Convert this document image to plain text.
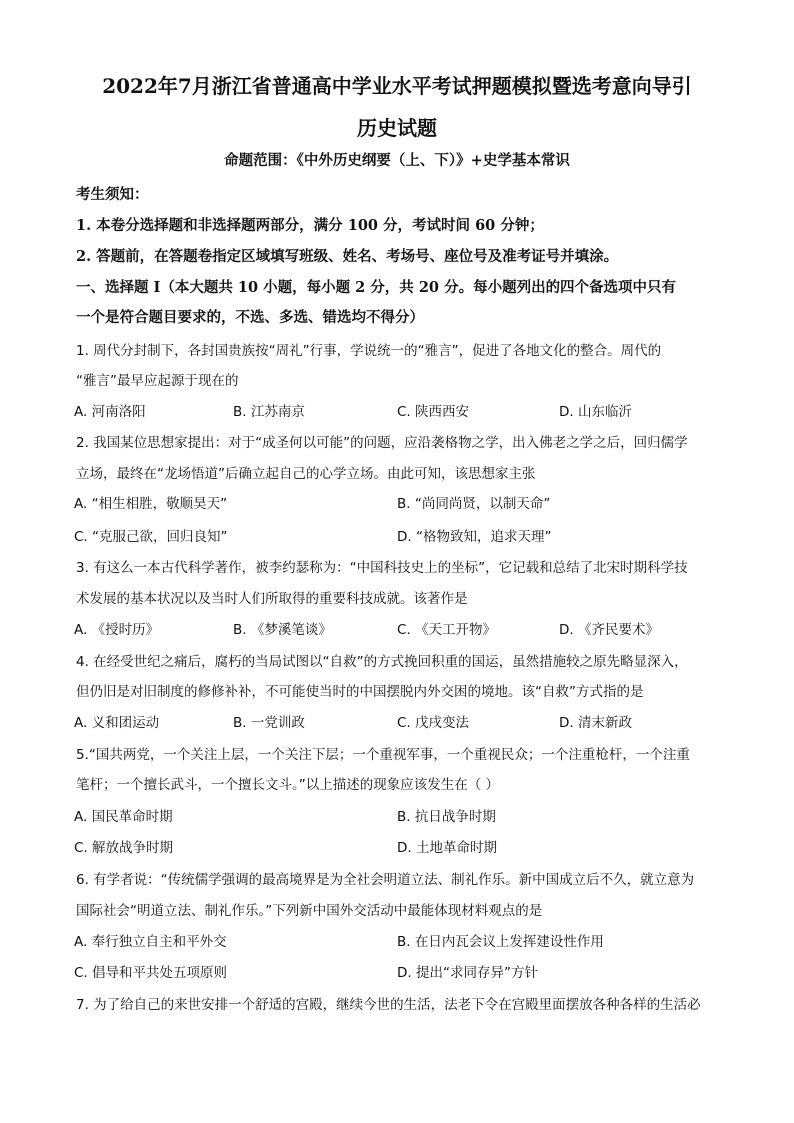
2022年7月浙江省普通高中学业水平考试押题模拟暨选考意向导引
历史试题
命题范围：《中外历史纲要（上、下）》+史学基本常识
考生须知：
1. 本卷分选择题和非选择题两部分，满分 100 分，考试时间 60 分钟；
2. 答题前，在答题卷指定区域填写班级、姓名、考场号、座位号及准考证号并填涂。
一、选择题 I（本大题共 10 小题，每小题 2 分，共 20 分。每小题列出的四个备选项中只有
一个是符合题目要求的，不选、多选、错选均不得分）
1. 周代分封制下，各封国贵族按“周礼”行事，学说统一的“雅言”，促进了各地文化的整合。周代的
“雅言”最早应起源于现在的
A. 河南洛阳	B. 江苏南京	C. 陕西西安	D. 山东临沂
2. 我国某位思想家提出：对于“成圣何以可能”的问题，应沿袭格物之学，出入佛老之学之后，回归儒学
立场，最终在“龙场悟道”后确立起自己的心学立场。由此可知，该思想家主张
A. “相生相胜，敬顺昊天”	B. “尚同尚贤，以制天命”
C. “克服己欲，回归良知”	D. “格物致知，追求天理”
3. 有这么一本古代科学著作，被李约瑟称为：“中国科技史上的坐标”，它记载和总结了北宋时期科学技
术发展的基本状况以及当时人们所取得的重要科技成就。该著作是
A. 《授时历》	B. 《梦溪笔谈》	C. 《天工开物》	D. 《齐民要术》
4. 在经受世纪之痛后，腐朽的当局试图以“自救”的方式挽回积重的国运，虽然措施较之原先略显深入，
但仍旧是对旧制度的修修补补，不可能使当时的中国摆脱内外交困的境地。该“自救”方式指的是
A. 义和团运动	B. 一党训政	C. 戊戌变法	D. 清末新政
5.“国共两党，一个关注上层，一个关注下层；一个重视军事，一个重视民众；一个注重枪杆，一个注重
笔杆；一个擅长武斗，一个擅长文斗。”以上描述的现象应该发生在（ ）
A. 国民革命时期	B. 抗日战争时期
C. 解放战争时期	D. 土地革命时期
6. 有学者说：“传统儒学强调的最高境界是为全社会明道立法、制礼作乐。新中国成立后不久，就立意为
国际社会“明道立法、制礼作乐。”下列新中国外交活动中最能体现材料观点的是
A. 奉行独立自主和平外交	B. 在日内瓦会议上发挥建设性作用
C. 倡导和平共处五项原则	D. 提出“求同存异”方针
7. 为了给自己的来世安排一个舒适的宫殿，继续今世的生活，法老下令在宫殿里面摆放各种各样的生活必
